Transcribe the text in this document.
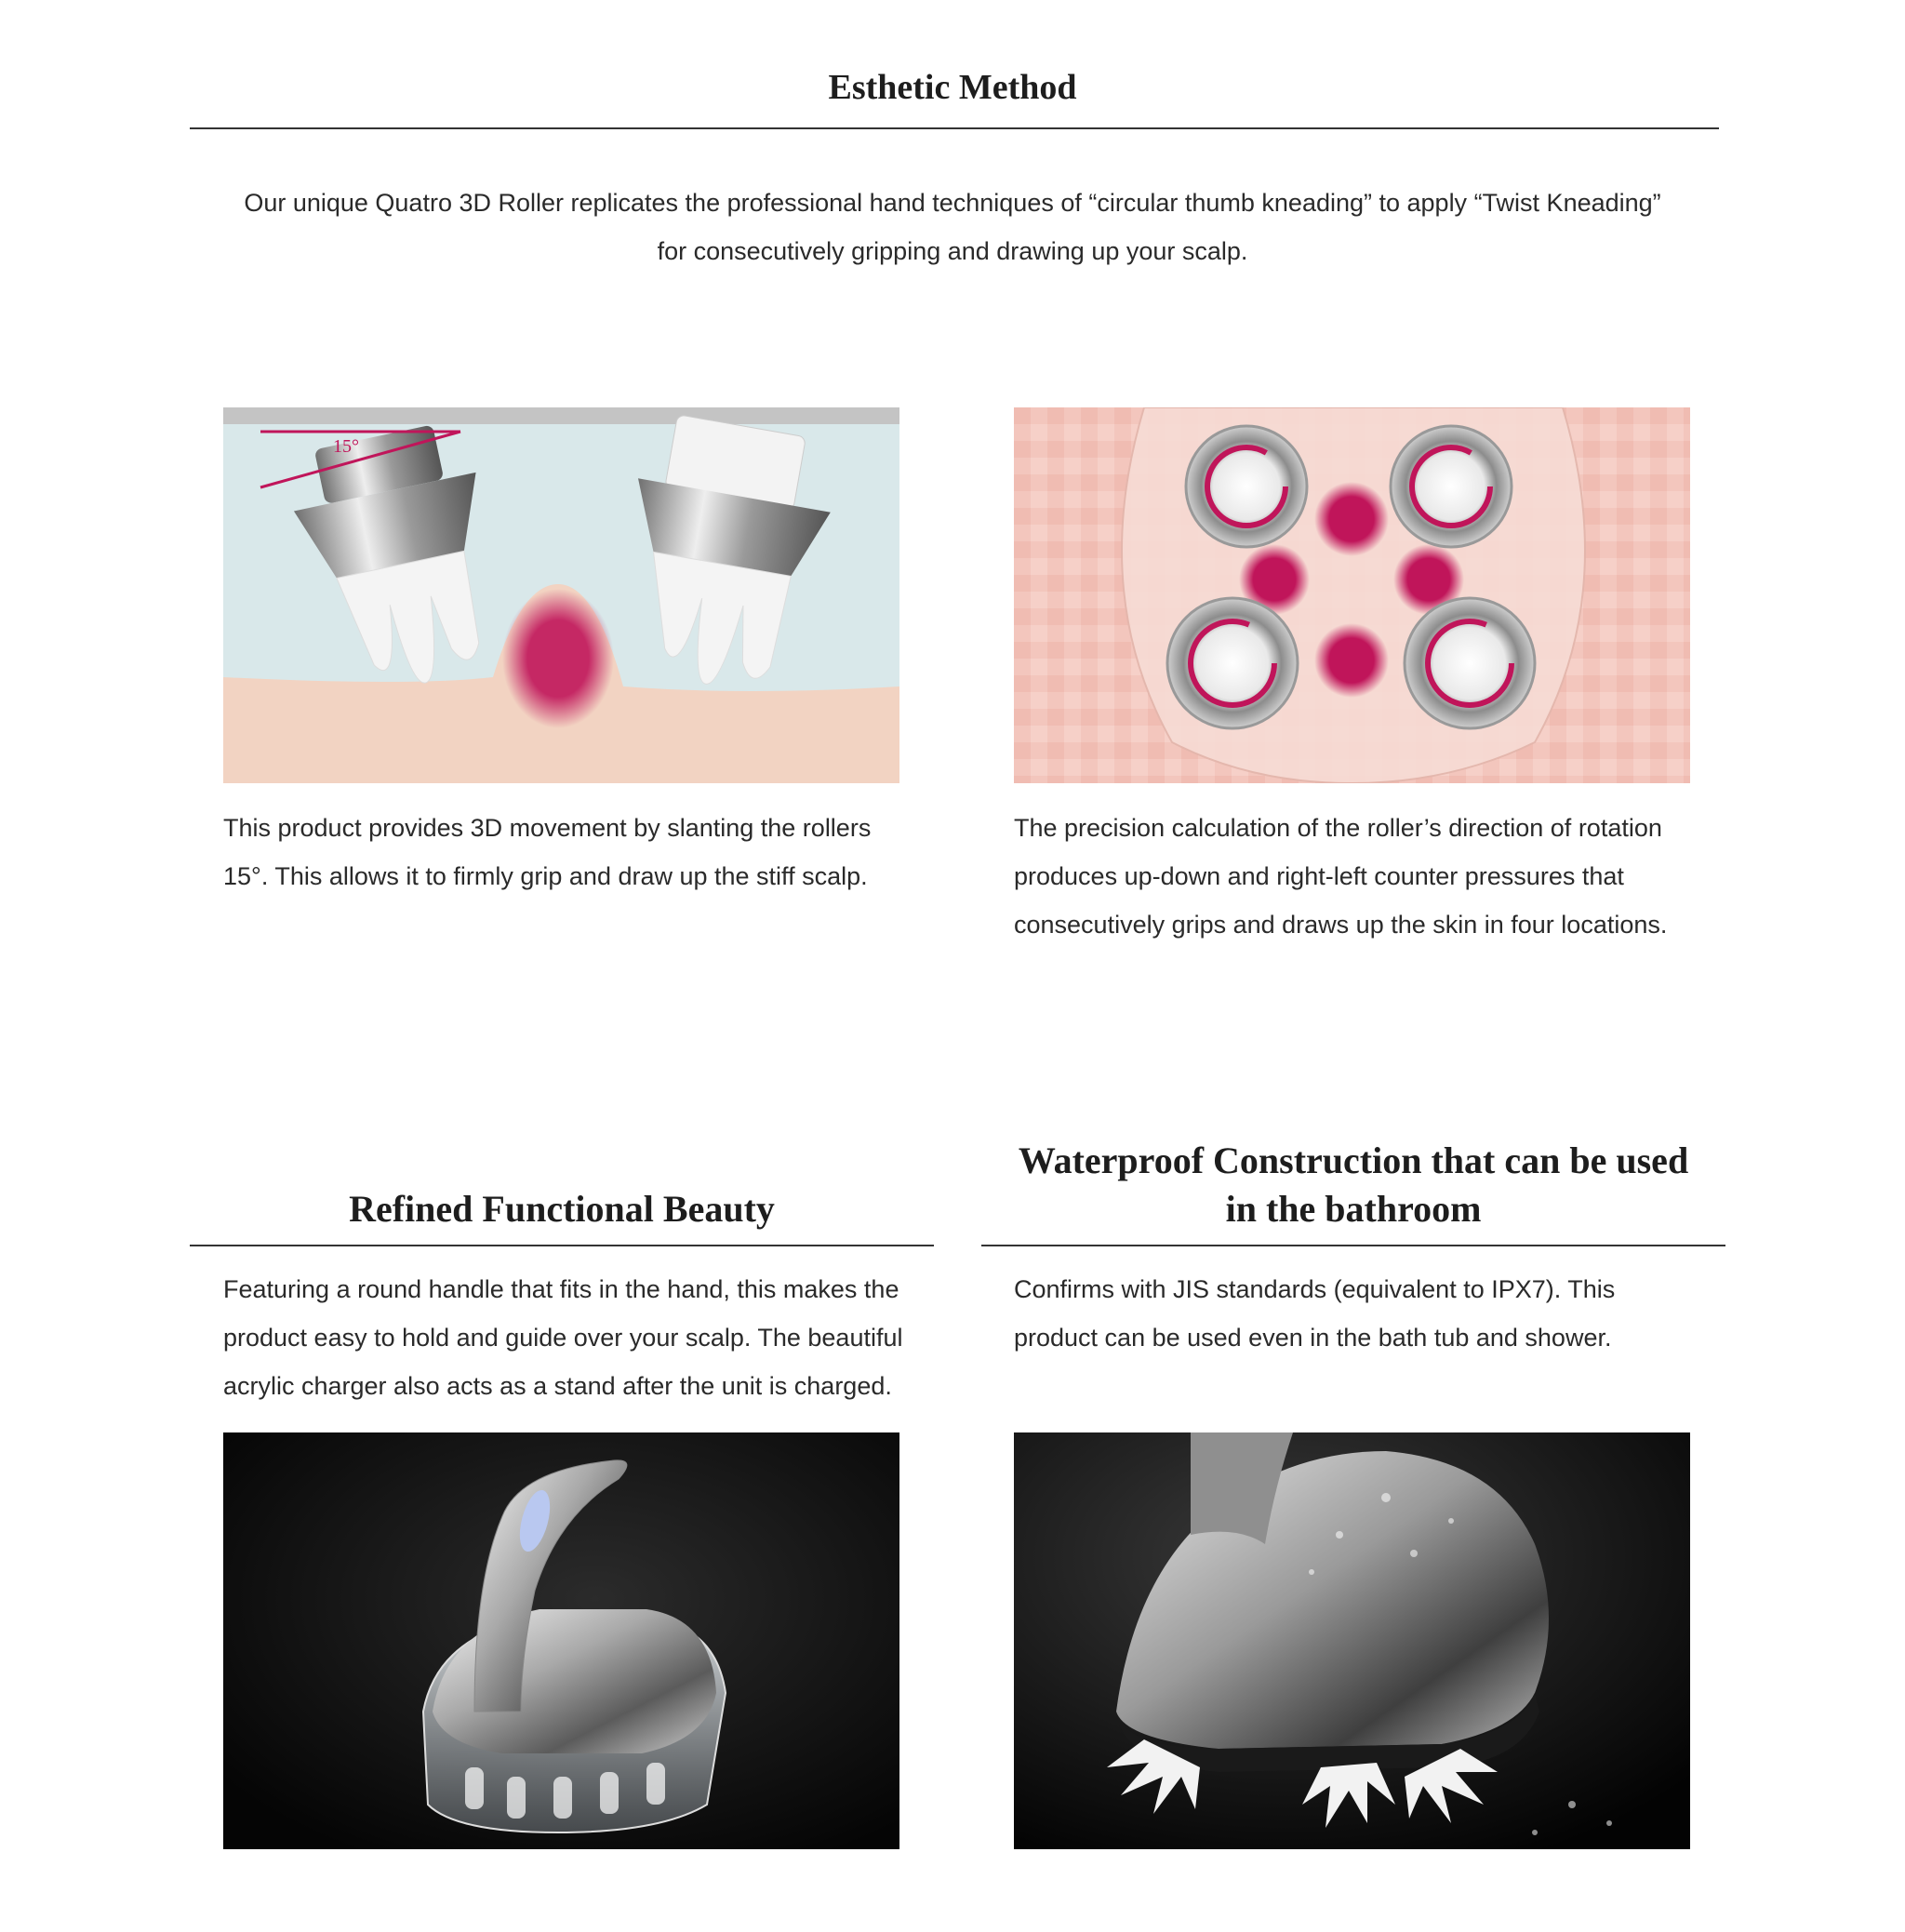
Esthetic Method
Our unique Quatro 3D Roller replicates the professional hand techniques of “circular thumb kneading” to apply “Twist Kneading”
for consecutively gripping and drawing up your scalp.
15°
This product provides 3D movement by slanting the rollers
15°. This allows it to firmly grip and draw up the stiff scalp.
The precision calculation of the roller’s direction of rotation
produces up-down and right-left counter pressures that
consecutively grips and draws up the skin in four locations.
Refined Functional Beauty
Waterproof Construction that can be used
in the bathroom
Featuring a round handle that fits in the hand, this makes the
product easy to hold and guide over your scalp. The beautiful
acrylic charger also acts as a stand after the unit is charged.
Confirms with JIS standards (equivalent to IPX7). This
product can be used even in the bath tub and shower.
